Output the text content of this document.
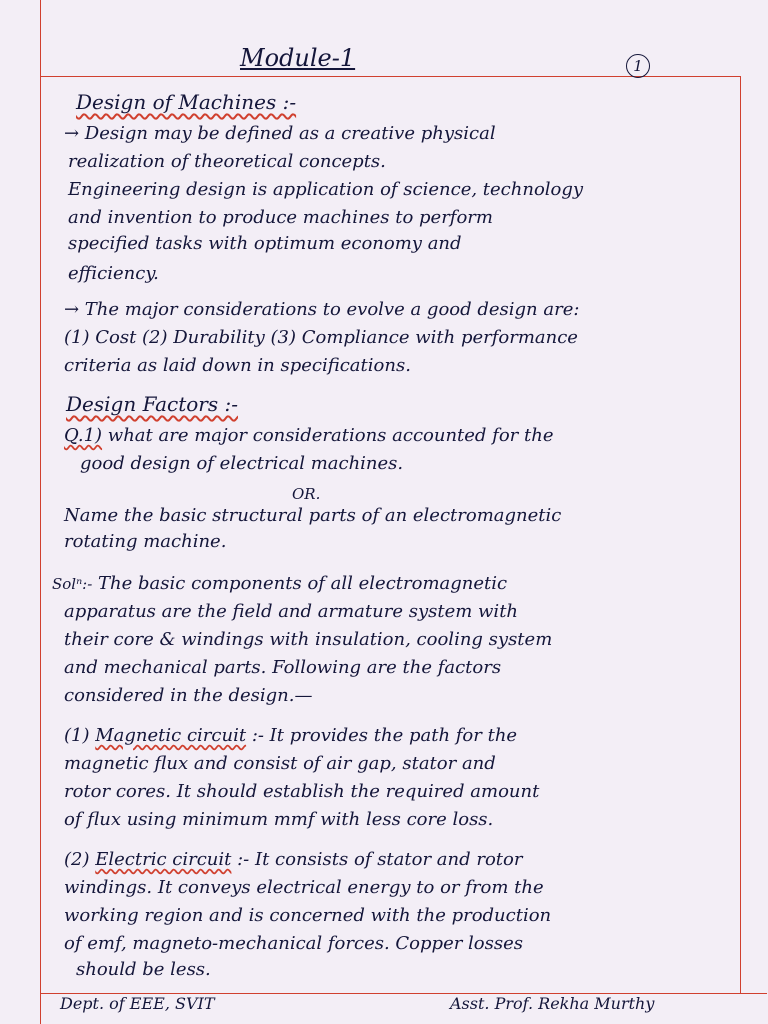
Module-1	1
Design of Machines :-
→ Design may be defined as a creative physical
realization of theoretical concepts.
Engineering design is application of science, technology
and invention to produce machines to perform
specified tasks with optimum economy and
efficiency.
→ The major considerations to evolve a good design are:
(1) Cost (2) Durability (3) Compliance with performance
criteria as laid down in specifications.
Design Factors :-
Q.1) what are major considerations accounted for the
good design of electrical machines.
OR.
Name the basic structural parts of an electromagnetic
rotating machine.
Solⁿ:- The basic components of all electromagnetic
apparatus are the field and armature system with
their core & windings with insulation, cooling system
and mechanical parts. Following are the factors
considered in the design.—
(1) Magnetic circuit :- It provides the path for the
magnetic flux and consist of air gap, stator and
rotor cores. It should establish the required amount
of flux using minimum mmf with less core loss.
(2) Electric circuit :- It consists of stator and rotor
windings. It conveys electrical energy to or from the
working region and is concerned with the production
of emf, magneto-mechanical forces. Copper losses
should be less.
Dept. of EEE, SVIT	Asst. Prof. Rekha Murthy
